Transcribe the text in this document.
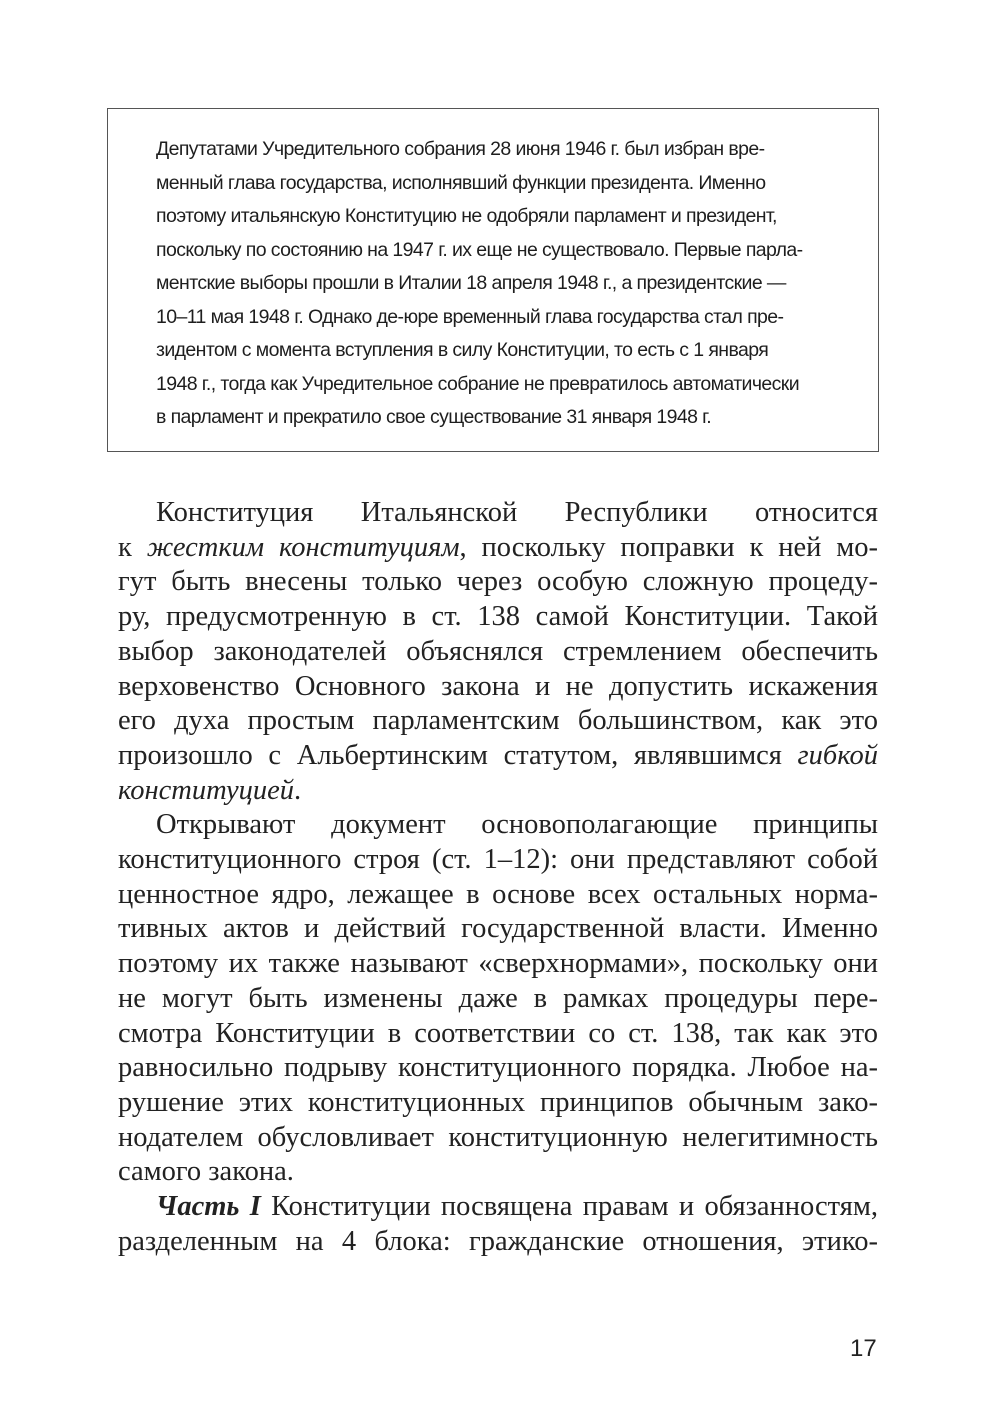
Депутатами Учредительного собрания 28 июня 1946 г. был избран вре-
менный глава государства, исполнявший функции президента. Именно
поэтому итальянскую Конституцию не одобряли парламент и президент,
поскольку по состоянию на 1947 г. их еще не существовало. Первые парла-
ментские выборы прошли в Италии 18 апреля 1948 г., а президентские —
10–11 мая 1948 г. Однако де-юре временный глава государства стал пре-
зидентом с момента вступления в силу Конституции, то есть с 1 января
1948 г., тогда как Учредительное собрание не превратилось автоматически
в парламент и прекратило свое существование 31 января 1948 г.
Конституция Итальянской Республики относится
к жестким конституциям, поскольку поправки к ней мо-
гут быть внесены только через особую сложную процеду-
ру, предусмотренную в ст. 138 самой Конституции. Такой
выбор законодателей объяснялся стремлением обеспечить
верховенство Основного закона и не допустить искажения
его духа простым парламентским большинством, как это
произошло с Альбертинским статутом, являвшимся гибкой
конституцией.
Открывают документ основополагающие принципы
конституционного строя (ст. 1–12): они представляют собой
ценностное ядро, лежащее в основе всех остальных норма-
тивных актов и действий государственной власти. Именно
поэтому их также называют «сверхнормами», поскольку они
не могут быть изменены даже в рамках процедуры пере-
смотра Конституции в соответствии со ст. 138, так как это
равносильно подрыву конституционного порядка. Любое на-
рушение этих конституционных принципов обычным зако-
нодателем обусловливает конституционную нелегитимность
самого закона.
Часть I Конституции посвящена правам и обязанностям,
разделенным на 4 блока: гражданские отношения, этико-
17
